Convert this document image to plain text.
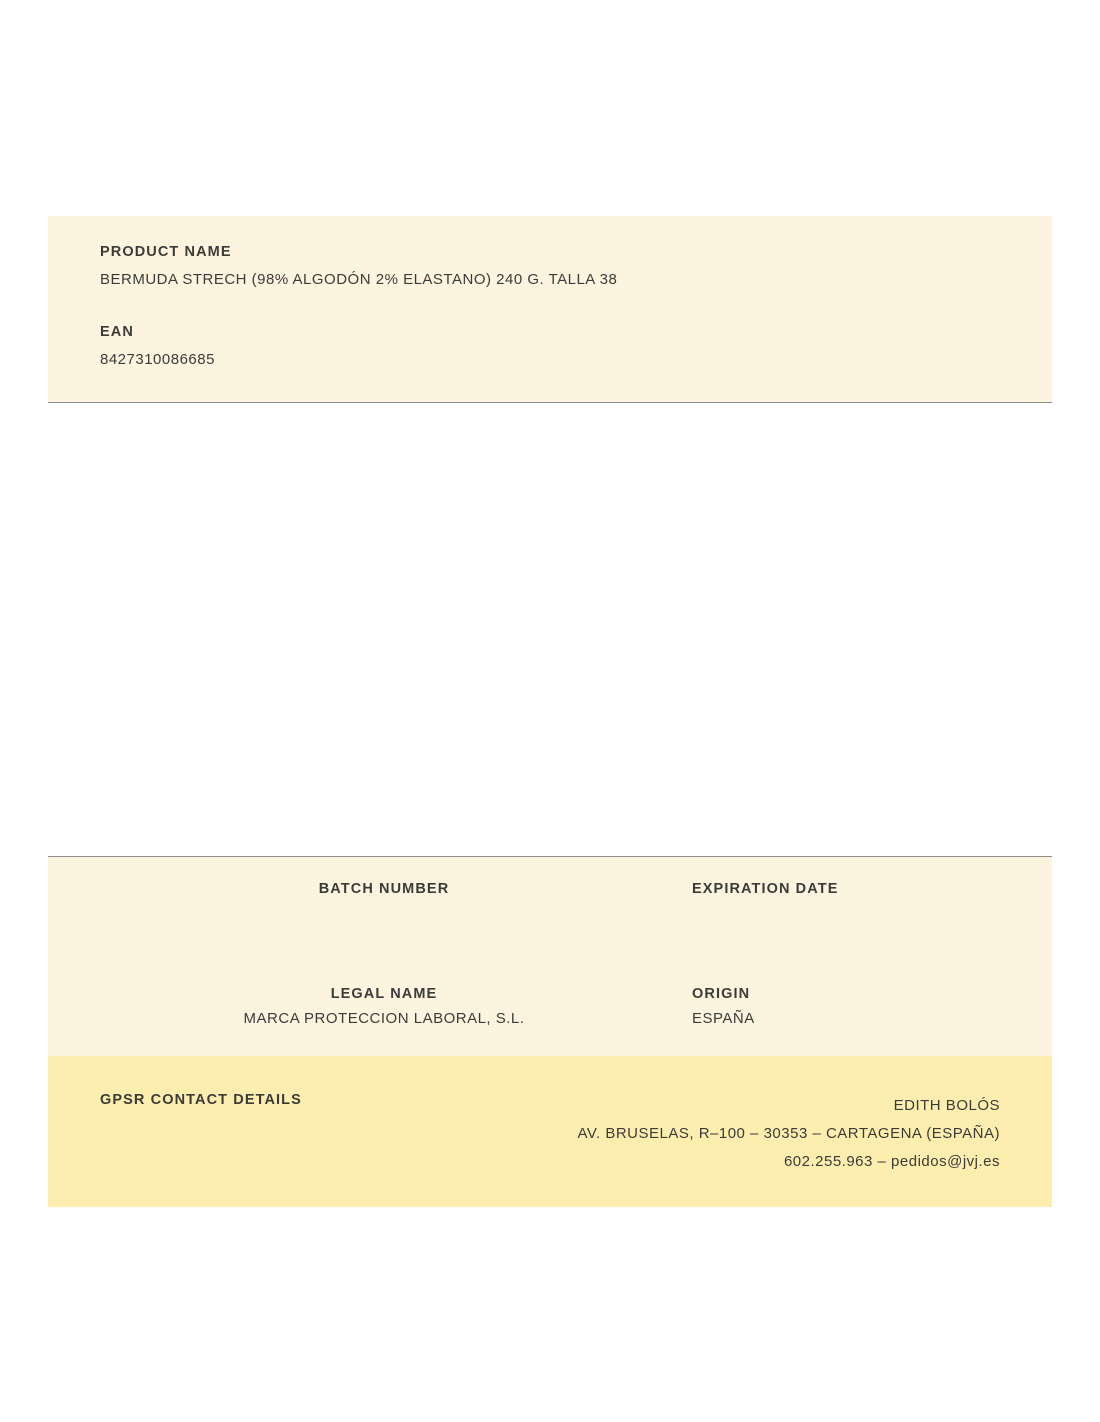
PRODUCT NAME

BERMUDA STRECH (98% ALGODÓN 2% ELASTANO) 240 G. TALLA 38

EAN

8427310086685

BATCH NUMBER	EXPIRATION DATE

LEGAL NAME

MARCA PROTECCION LABORAL, S.L.

ORIGIN

ESPAÑA

GPSR CONTACT DETAILS	EDITH BOLÓS
AV. BRUSELAS, R–100 – 30353 – CARTAGENA (ESPAÑA)
602.255.963 – pedidos@jvj.es
